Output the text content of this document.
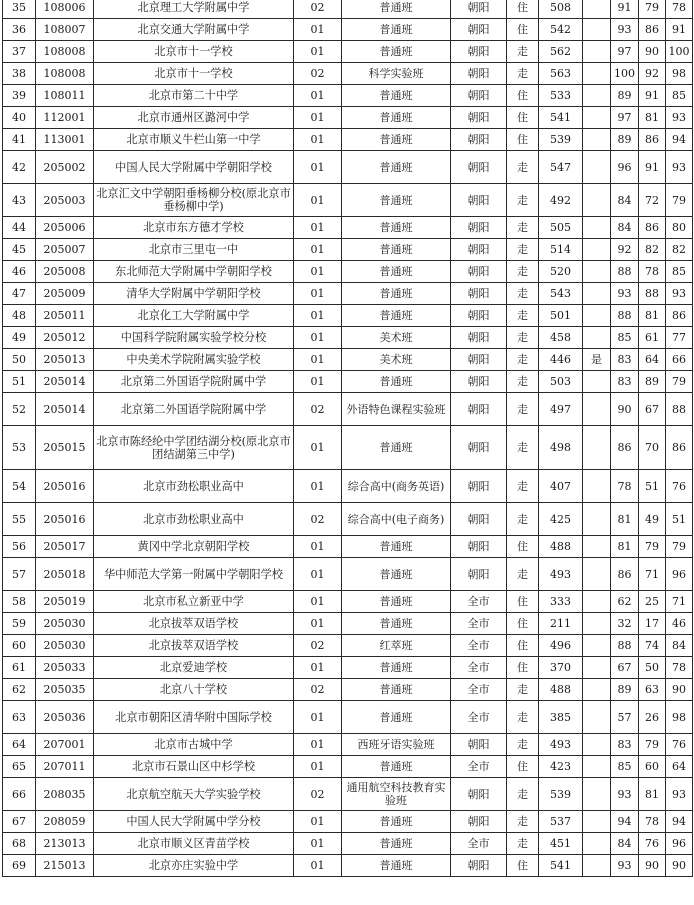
35	108006	北京理工大学附属中学	02	普通班	朝阳	住	508		91	79	78
36	108007	北京交通大学附属中学	01	普通班	朝阳	住	542		93	86	91
37	108008	北京市十一学校	01	普通班	朝阳	走	562		97	90	100
38	108008	北京市十一学校	02	科学实验班	朝阳	走	563		100	92	98
39	108011	北京市第二十中学	01	普通班	朝阳	住	533		89	91	85
40	112001	北京市通州区潞河中学	01	普通班	朝阳	住	541		97	81	93
41	113001	北京市顺义牛栏山第一中学	01	普通班	朝阳	住	539		89	86	94
42	205002	中国人民大学附属中学朝阳学校	01	普通班	朝阳	走	547		96	91	93
43	205003	北京汇文中学朝阳垂杨柳分校(原北京市垂杨柳中学)	01	普通班	朝阳	走	492		84	72	79
44	205006	北京市东方德才学校	01	普通班	朝阳	走	505		84	86	80
45	205007	北京市三里屯一中	01	普通班	朝阳	走	514		92	82	82
46	205008	东北师范大学附属中学朝阳学校	01	普通班	朝阳	走	520		88	78	85
47	205009	清华大学附属中学朝阳学校	01	普通班	朝阳	走	543		93	88	93
48	205011	北京化工大学附属中学	01	普通班	朝阳	走	501		88	81	86
49	205012	中国科学院附属实验学校分校	01	美术班	朝阳	走	458		85	61	77
50	205013	中央美术学院附属实验学校	01	美术班	朝阳	走	446	是	83	64	66
51	205014	北京第二外国语学院附属中学	01	普通班	朝阳	走	503		83	89	79
52	205014	北京第二外国语学院附属中学	02	外语特色课程实验班	朝阳	走	497		90	67	88
53	205015	北京市陈经纶中学团结湖分校(原北京市团结湖第三中学)	01	普通班	朝阳	走	498		86	70	86
54	205016	北京市劲松职业高中	01	综合高中(商务英语)	朝阳	走	407		78	51	76
55	205016	北京市劲松职业高中	02	综合高中(电子商务)	朝阳	走	425		81	49	51
56	205017	黄冈中学北京朝阳学校	01	普通班	朝阳	住	488		81	79	79
57	205018	华中师范大学第一附属中学朝阳学校	01	普通班	朝阳	走	493		86	71	96
58	205019	北京市私立新亚中学	01	普通班	全市	住	333		62	25	71
59	205030	北京拔萃双语学校	01	普通班	全市	住	211		32	17	46
60	205030	北京拔萃双语学校	02	红萃班	全市	住	496		88	74	84
61	205033	北京爱迪学校	01	普通班	全市	住	370		67	50	78
62	205035	北京八十学校	02	普通班	全市	走	488		89	63	90
63	205036	北京市朝阳区清华附中国际学校	01	普通班	全市	走	385		57	26	98
64	207001	北京市古城中学	01	西班牙语实验班	朝阳	走	493		83	79	76
65	207011	北京市石景山区中杉学校	01	普通班	全市	住	423		85	60	64
66	208035	北京航空航天大学实验学校	02	通用航空科技教育实验班	朝阳	走	539		93	81	93
67	208059	中国人民大学附属中学分校	01	普通班	朝阳	走	537		94	78	94
68	213013	北京市顺义区青苗学校	01	普通班	全市	走	451		84	76	96
69	215013	北京亦庄实验中学	01	普通班	朝阳	住	541		93	90	90
